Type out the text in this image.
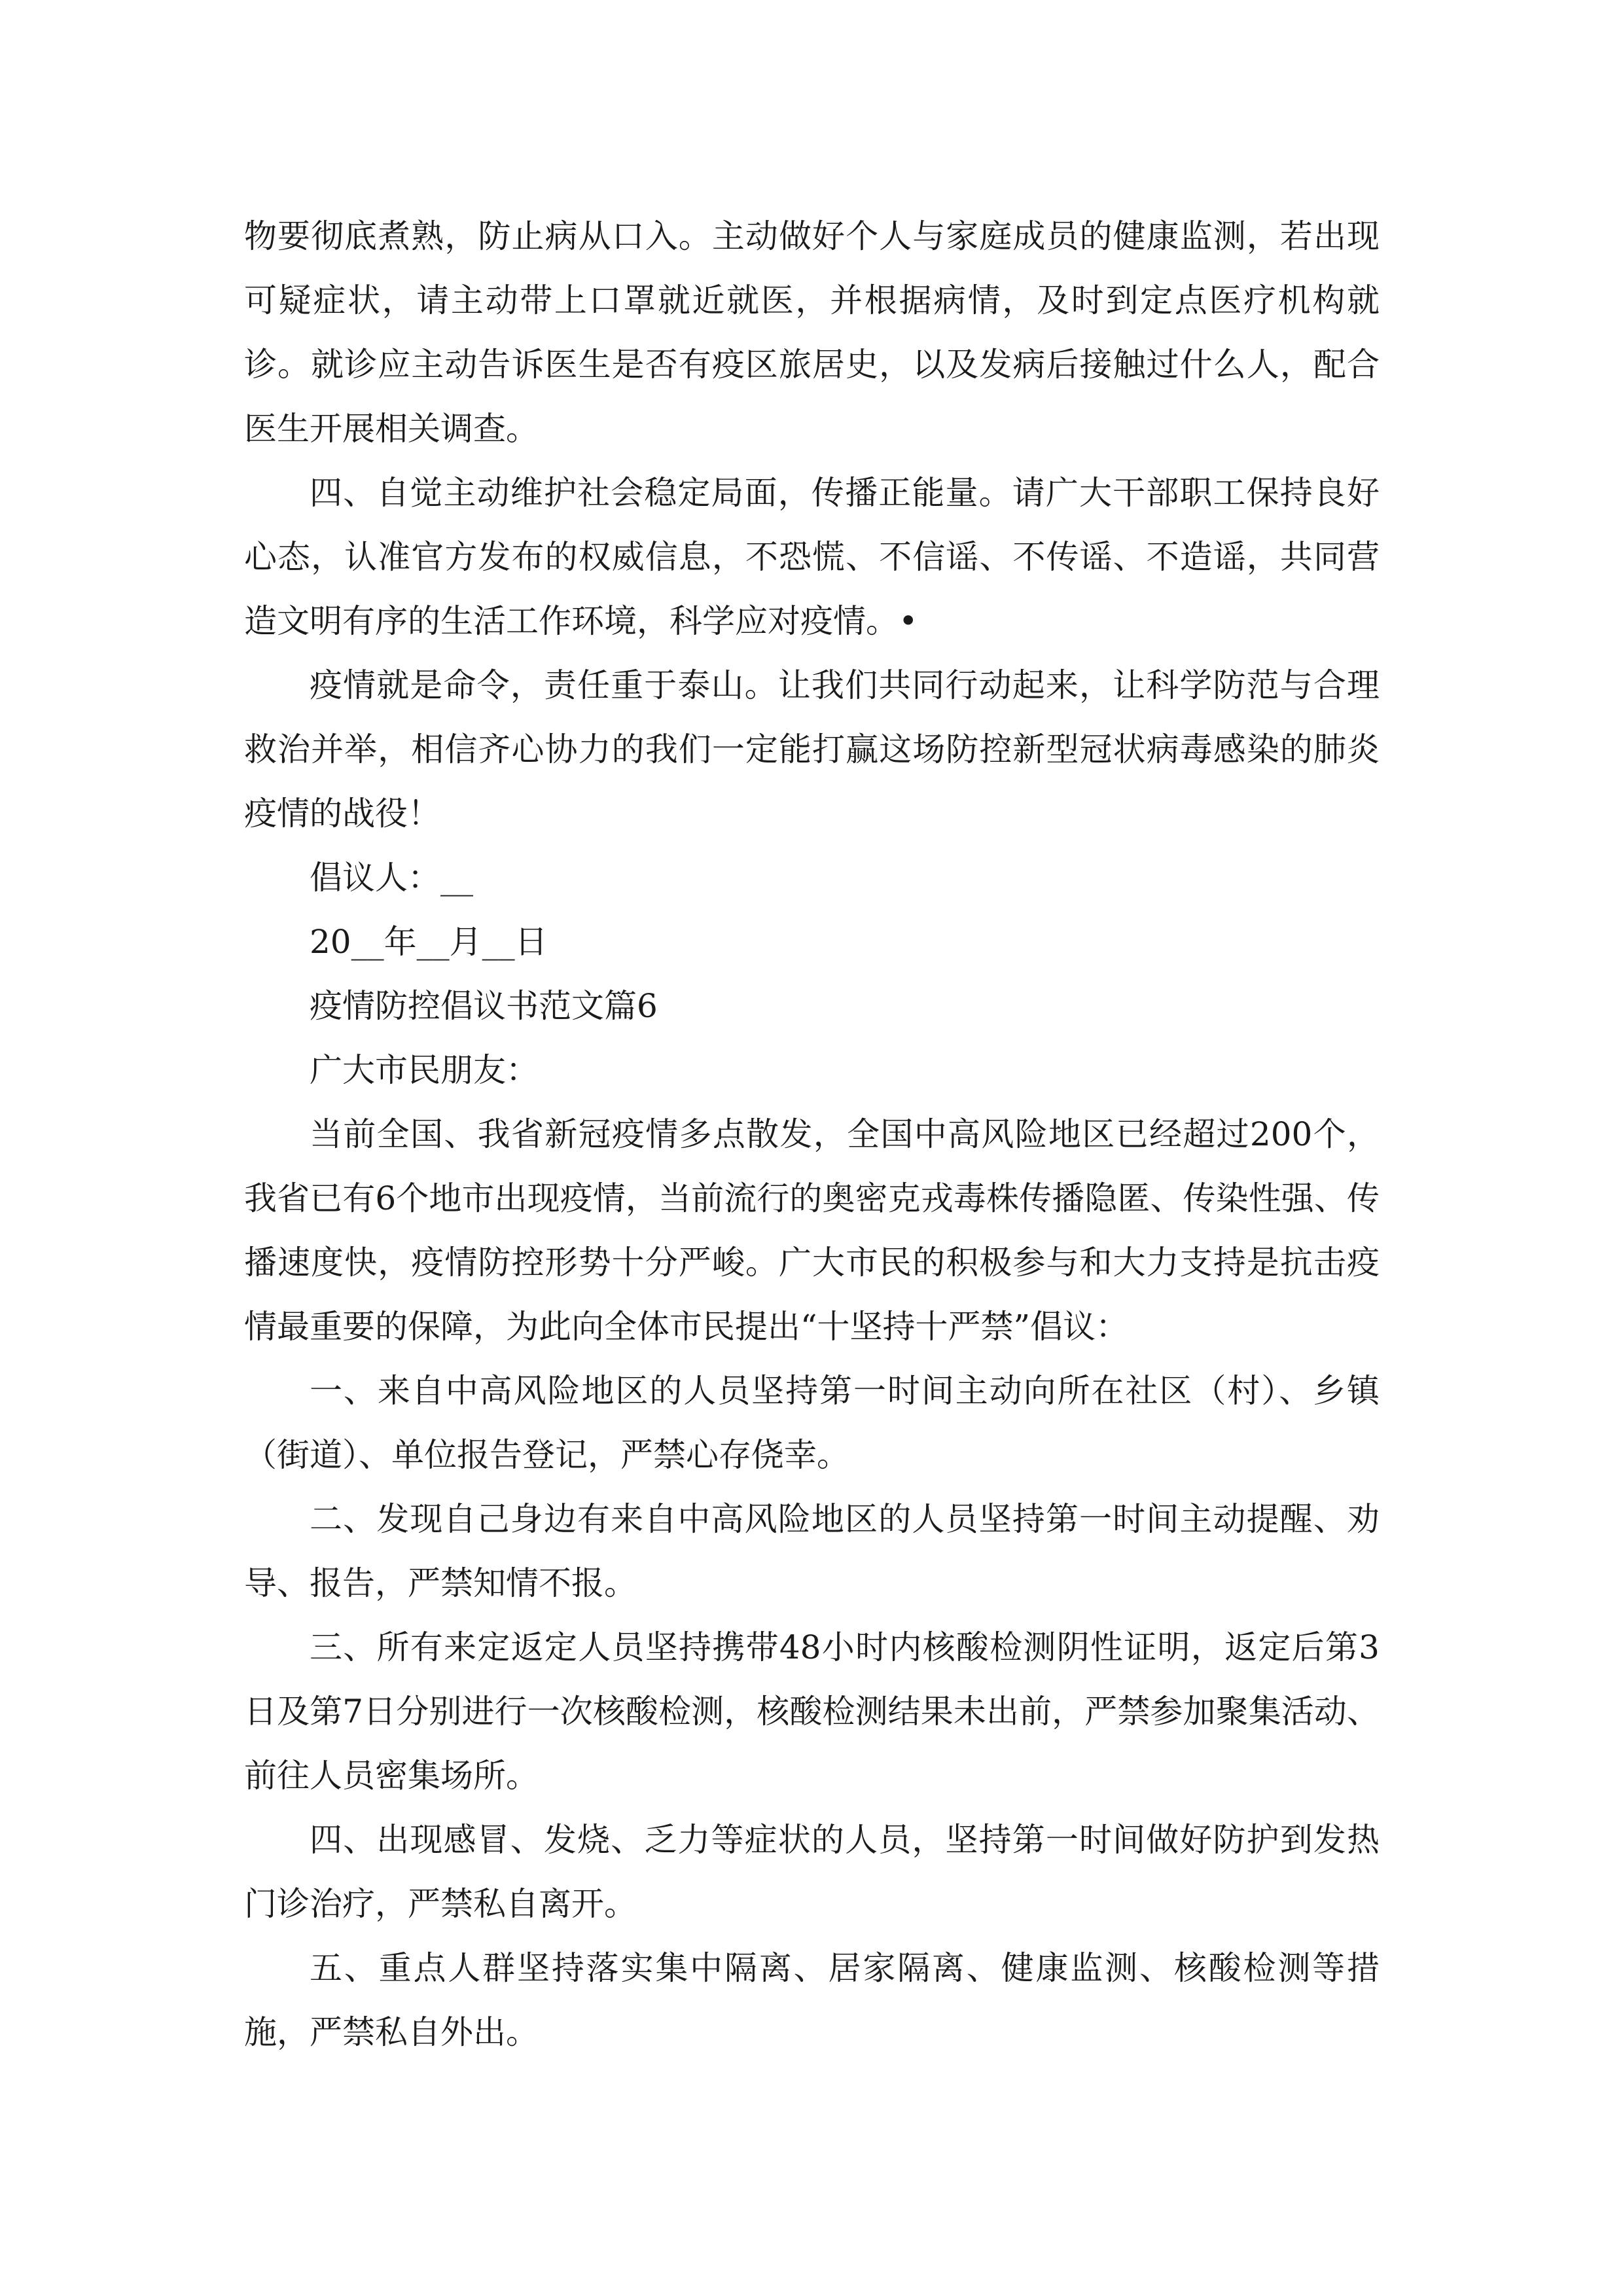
物要彻底煮熟，防止病从口入。主动做好个人与家庭成员的健康监测，若出现可疑症状，请主动带上口罩就近就医，并根据病情，及时到定点医疗机构就诊。就诊应主动告诉医生是否有疫区旅居史，以及发病后接触过什么人，配合医生开展相关调查。

四、自觉主动维护社会稳定局面，传播正能量。请广大干部职工保持良好心态，认准官方发布的权威信息，不恐慌、不信谣、不传谣、不造谣，共同营造文明有序的生活工作环境，科学应对疫情。•

疫情就是命令，责任重于泰山。让我们共同行动起来，让科学防范与合理救治并举，相信齐心协力的我们一定能打赢这场防控新型冠状病毒感染的肺炎疫情的战役！

倡议人：__

20__年__月__日

疫情防控倡议书范文篇6

广大市民朋友：

当前全国、我省新冠疫情多点散发，全国中高风险地区已经超过200个，我省已有6个地市出现疫情，当前流行的奥密克戎毒株传播隐匿、传染性强、传播速度快，疫情防控形势十分严峻。广大市民的积极参与和大力支持是抗击疫情最重要的保障，为此向全体市民提出“十坚持十严禁”倡议：

一、来自中高风险地区的人员坚持第一时间主动向所在社区（村）、乡镇（街道）、单位报告登记，严禁心存侥幸。

二、发现自己身边有来自中高风险地区的人员坚持第一时间主动提醒、劝导、报告，严禁知情不报。

三、所有来定返定人员坚持携带48小时内核酸检测阴性证明，返定后第3日及第7日分别进行一次核酸检测，核酸检测结果未出前，严禁参加聚集活动、前往人员密集场所。

四、出现感冒、发烧、乏力等症状的人员，坚持第一时间做好防护到发热门诊治疗，严禁私自离开。

五、重点人群坚持落实集中隔离、居家隔离、健康监测、核酸检测等措施，严禁私自外出。
